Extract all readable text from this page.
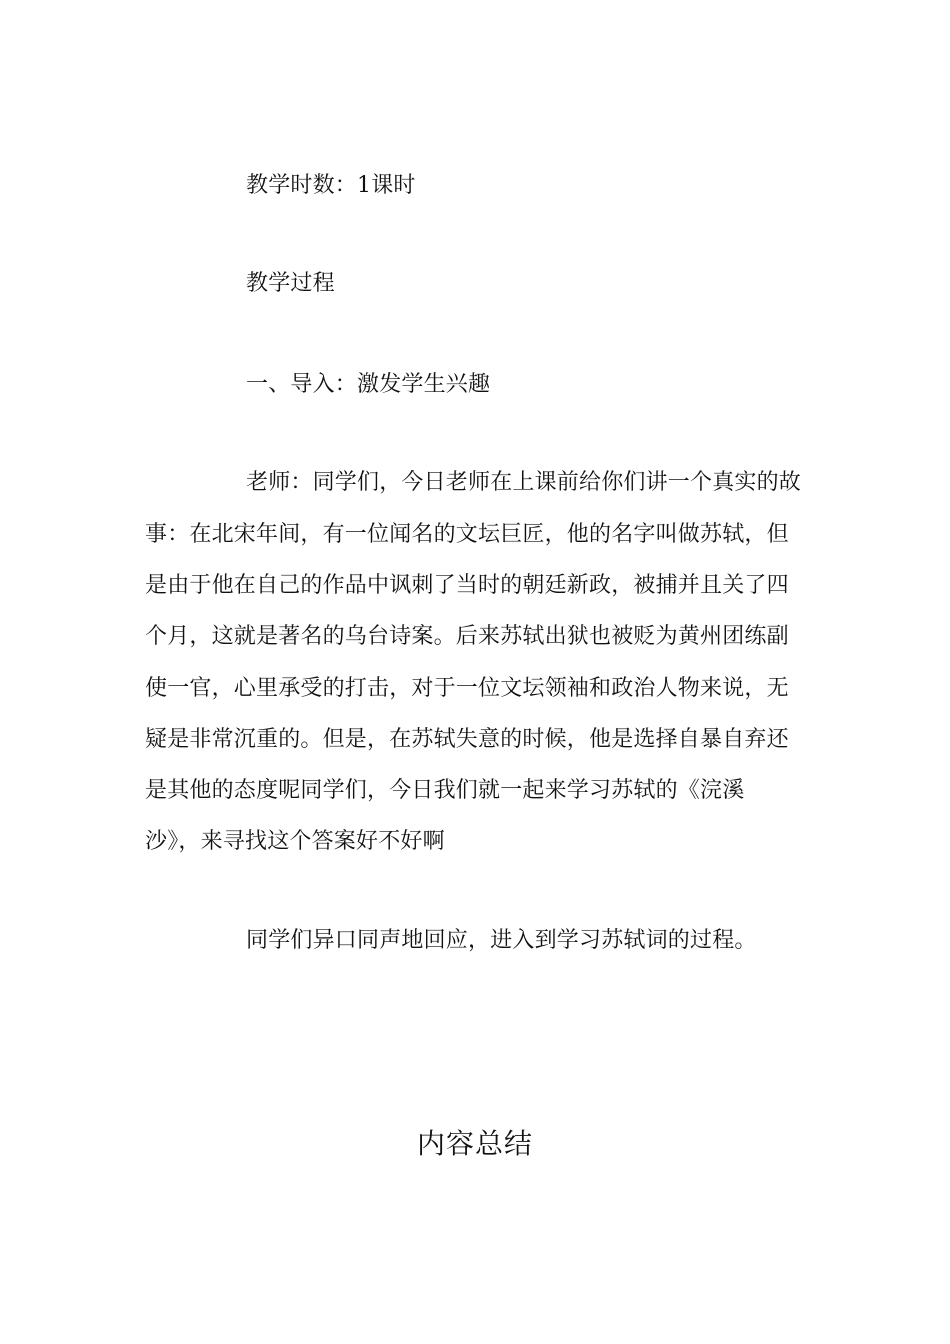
教学时数：1课时
教学过程
一、导入：激发学生兴趣
老师：同学们，今日老师在上课前给你们讲一个真实的故
事：在北宋年间，有一位闻名的文坛巨匠，他的名字叫做苏轼，但
是由于他在自己的作品中讽刺了当时的朝廷新政，被捕并且关了四
个月，这就是著名的乌台诗案。后来苏轼出狱也被贬为黄州团练副
使一官，心里承受的打击，对于一位文坛领袖和政治人物来说，无
疑是非常沉重的。但是，在苏轼失意的时候，他是选择自暴自弃还
是其他的态度呢同学们，今日我们就一起来学习苏轼的《浣溪
沙》，来寻找这个答案好不好啊
同学们异口同声地回应，进入到学习苏轼词的过程。
内容总结
